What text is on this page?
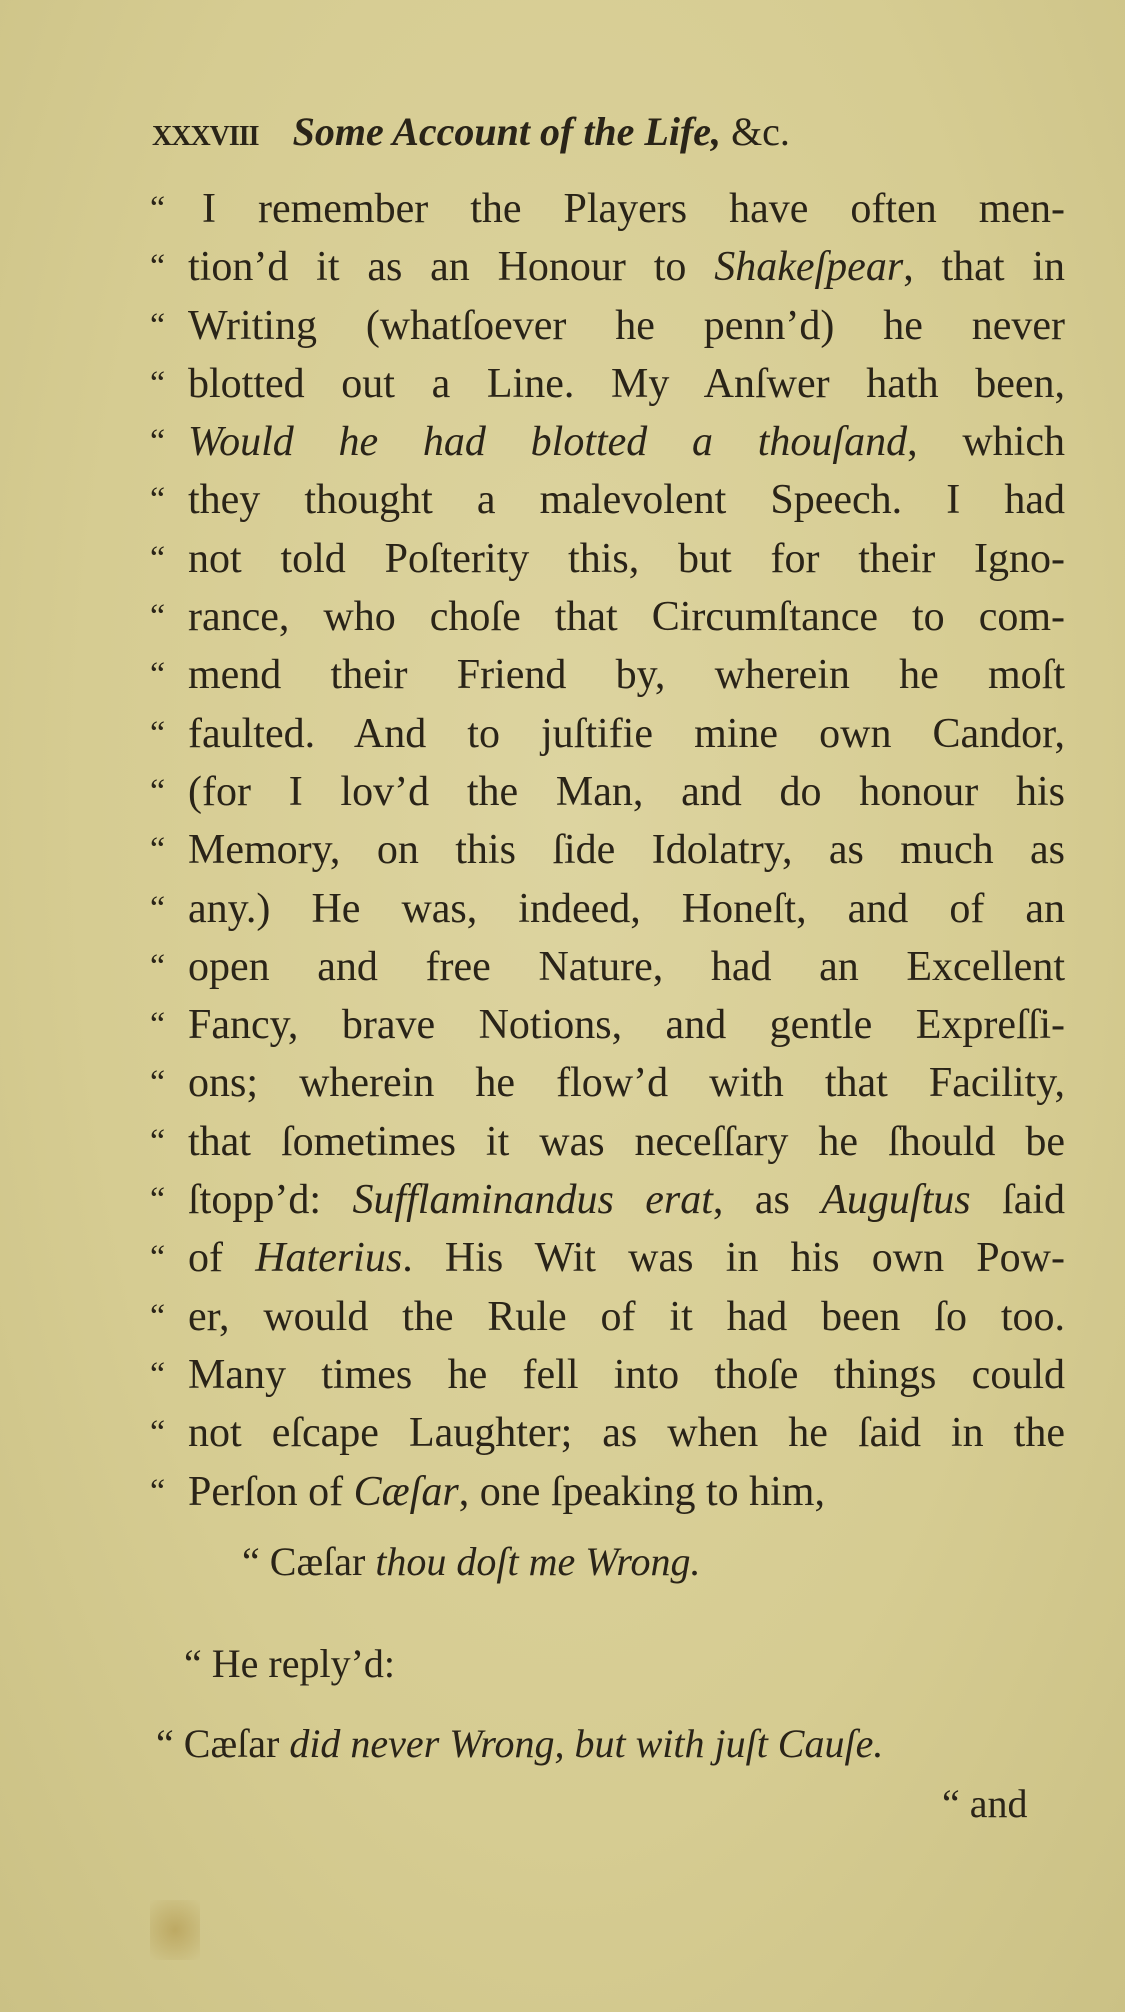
xxxviii Some Account of the Life, &c.
“ I remember the Players have often men-
“ tion’d it as an Honour to Shakeſpear, that in
“ Writing (whatſoever he penn’d) he never
“ blotted out a Line. My Anſwer hath been,
“ Would he had blotted a thouſand, which
“ they thought a malevolent Speech. I had
“ not told Poſterity this, but for their Igno-
“ rance, who choſe that Circumſtance to com-
“ mend their Friend by, wherein he moſt
“ faulted. And to juſtifie mine own Candor,
“ (for I lov’d the Man, and do honour his
“ Memory, on this ſide Idolatry, as much as
“ any.) He was, indeed, Honeſt, and of an
“ open and free Nature, had an Excellent
“ Fancy, brave Notions, and gentle Expreſſi-
“ ons; wherein he flow’d with that Facility,
“ that ſometimes it was neceſſary he ſhould be
“ ſtopp’d: Sufflaminandus erat, as Auguſtus ſaid
“ of Haterius. His Wit was in his own Pow-
“ er, would the Rule of it had been ſo too.
“ Many times he fell into thoſe things could
“ not eſcape Laughter; as when he ſaid in the
“ Perſon of Cæſar, one ſpeaking to him,
“ Cæſar thou doſt me Wrong.
“ He reply’d:
“ Cæſar did never Wrong, but with juſt Cauſe.
“ and
